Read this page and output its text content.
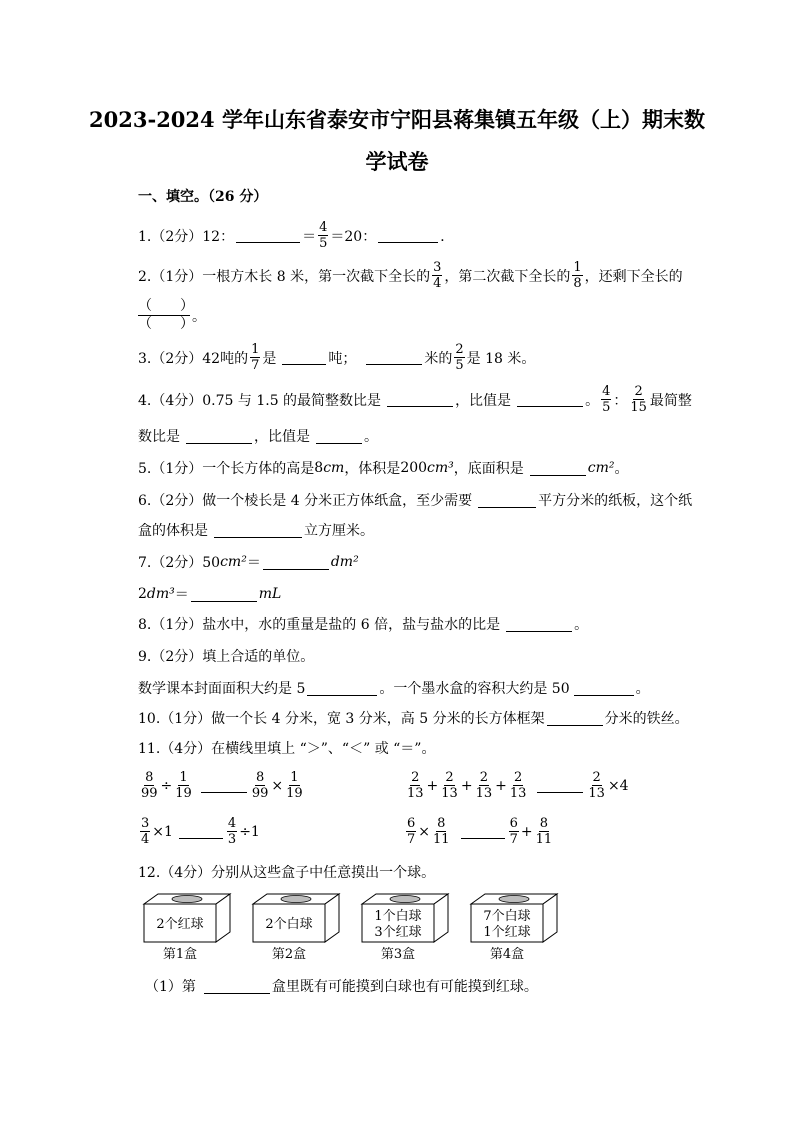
2023-2024 学年山东省泰安市宁阳县蒋集镇五年级（上）期末数
学试卷
一、填空。（26 分）
1.（2分）12：	＝ $\frac{4}{5} =20$：	．
2.（1分）一根方木长 8 米，第一次截下全长的 $\frac{3}{4}$ ，第二次截下全长的 $\frac{1}{8}$ ，还剩下全长的
（　　）
（　　）
。
3.（2分）42吨的 $\frac{1}{7}$ 是	吨；	米的 $\frac{2}{5}$ 是 18 米。
4.（4分）0.75 与 1.5 的最简整数比是	，比值是	。 $\frac{4}{5}$ ： $\frac{2}{15}$ 最简整
数比是	，比值是	。
5.（1分）一个长方体的高是 8 cm ，体积是 200 cm³ ，底面积是	cm² 。
6.（2分）做一个棱长是 4 分米正方体纸盒，至少需要	平方分米的纸板，这个纸
盒的体积是	立方厘米。
7.（2分）50 cm² ＝	dm²
2 dm³ ＝	mL
8.（1分）盐水中，水的重量是盐的 6 倍，盐与盐水的比是	。
9.（2分）填上合适的单位。
数学课本封面面积大约是 5	。一个墨水盒的容积大约是 50	。
10.（1分）做一个长 4 分米，宽 3 分米，高 5 分米的长方体框架	分米的铁丝。
11.（4分）在横线里填上 “＞”、“＜” 或 “＝”。
$\frac{8}{99} \div \frac{1}{19}$	$\frac{8}{99} \times \frac{1}{19}$	$\frac{2}{13} + \frac{2}{13} + \frac{2}{13} + \frac{2}{13}$	$\frac{2}{13} \times 4$
$\frac{3}{4} \times 1$	$\frac{4}{3} \div 1$	$\frac{6}{7} \times \frac{8}{11}$	$\frac{6}{7} + \frac{8}{11}$
12.（4分）分别从这些盒子中任意摸出一个球。
2个红球
第1盒
2个白球
第2盒
1个白球
3个红球
第3盒
7个白球
1个红球
第4盒
（1）第	盒里既有可能摸到白球也有可能摸到红球。
